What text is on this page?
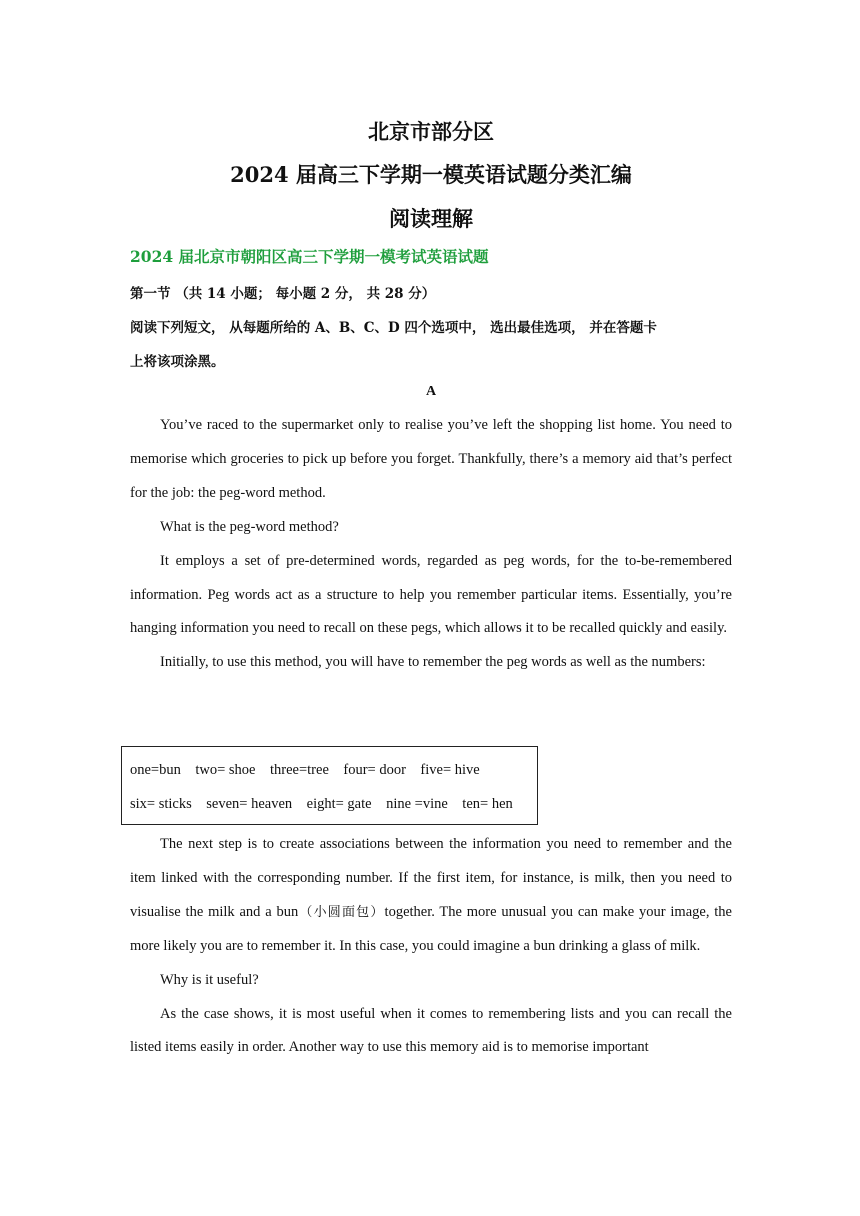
北京市部分区
2024 届高三下学期一模英语试题分类汇编
阅读理解
2024 届北京市朝阳区高三下学期一模考试英语试题
第一节 （共 14 小题； 每小题 2 分， 共 28 分）
阅读下列短文， 从每题所给的 A、B、C、D 四个选项中， 选出最佳选项， 并在答题卡
上将该项涂黑。
A

You’ve raced to the supermarket only to realise you’ve left the shopping list home. You need to memorise which groceries to pick up before you forget. Thankfully, there’s a memory aid that’s perfect for the job: the peg-word method.

What is the peg-word method?

It employs a set of pre-determined words, regarded as peg words, for the to-be-remembered information. Peg words act as a structure to help you remember particular items. Essentially, you’re hanging information you need to recall on these pegs, which allows it to be recalled quickly and easily.

Initially, to use this method, you will have to remember the peg words as well as the numbers:

one=bun    two= shoe    three=tree    four= door    five= hive
six= sticks    seven= heaven    eight= gate    nine =vine    ten= hen

The next step is to create associations between the information you need to remember and the item linked with the corresponding number. If the first item, for instance, is milk, then you need to visualise the milk and a bun（小圆面包）together. The more unusual you can make your image, the more likely you are to remember it. In this case, you could imagine a bun drinking a glass of milk.

Why is it useful?

As the case shows, it is most useful when it comes to remembering lists and you can recall the listed items easily in order. Another way to use this memory aid is to memorise important
